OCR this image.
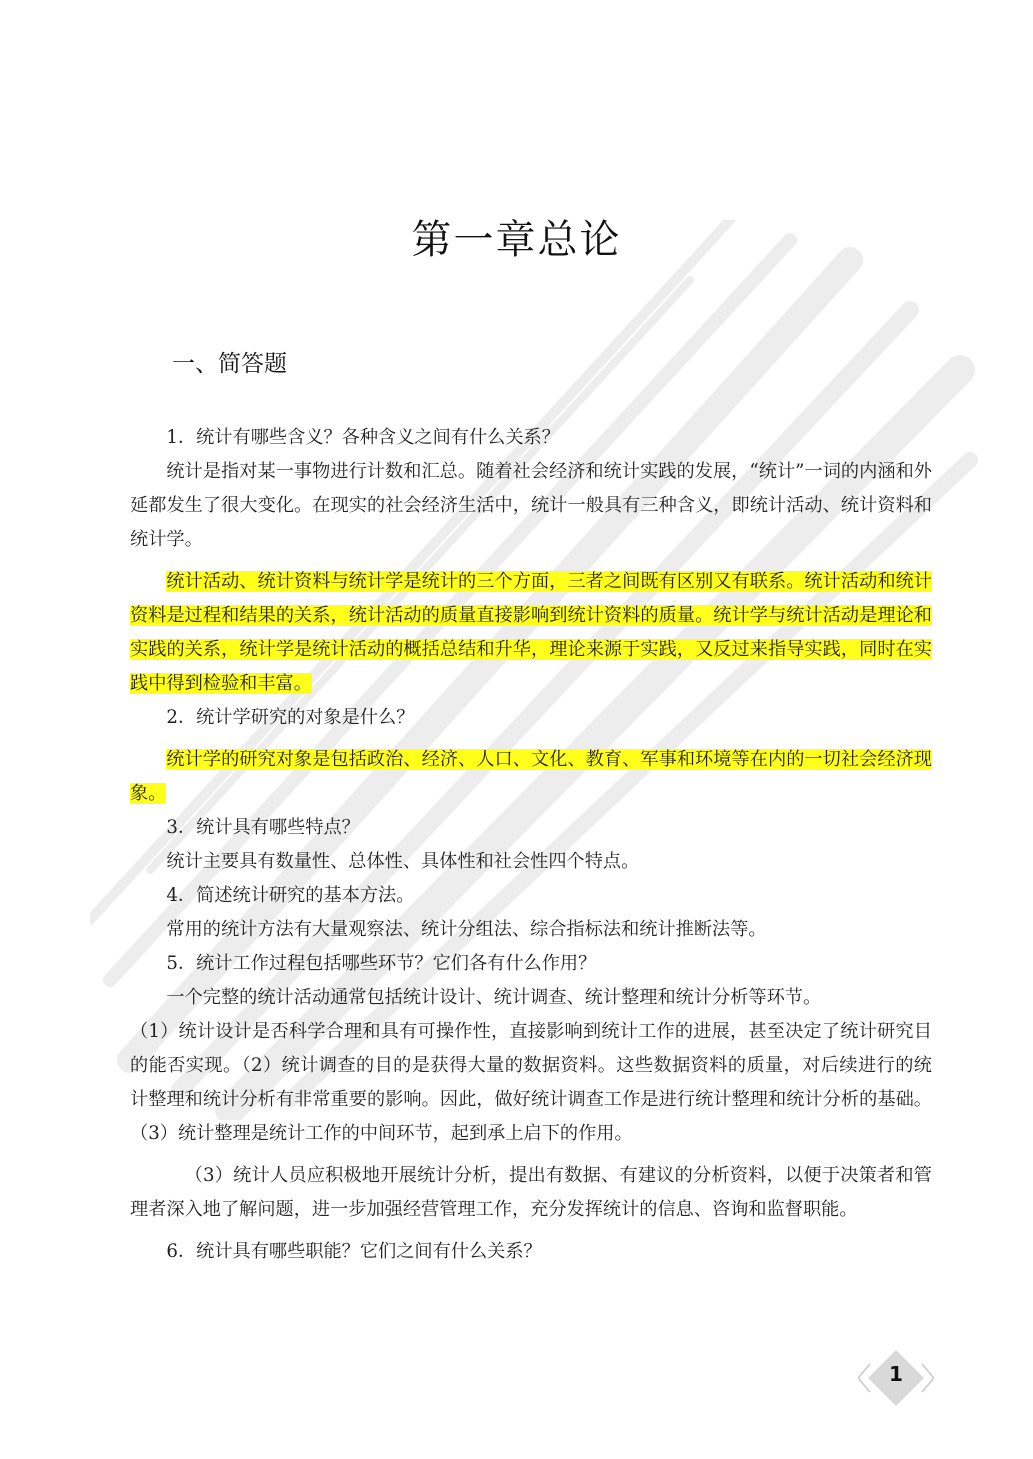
第一章总论
一、简答题

1．统计有哪些含义？各种含义之间有什么关系？

统计是指对某一事物进行计数和汇总。随着社会经济和统计实践的发展，“统计”一词的内涵和外延都发生了很大变化。在现实的社会经济生活中，统计一般具有三种含义，即统计活动、统计资料和统计学。

统计活动、统计资料与统计学是统计的三个方面，三者之间既有区别又有联系。统计活动和统计资料是过程和结果的关系，统计活动的质量直接影响到统计资料的质量。统计学与统计活动是理论和实践的关系，统计学是统计活动的概括总结和升华，理论来源于实践，又反过来指导实践，同时在实践中得到检验和丰富。

2．统计学研究的对象是什么？

统计学的研究对象是包括政治、经济、人口、文化、教育、军事和环境等在内的一切社会经济现象。

3．统计具有哪些特点？

统计主要具有数量性、总体性、具体性和社会性四个特点。

4．简述统计研究的基本方法。

常用的统计方法有大量观察法、统计分组法、综合指标法和统计推断法等。

5．统计工作过程包括哪些环节？它们各有什么作用？

一个完整的统计活动通常包括统计设计、统计调查、统计整理和统计分析等环节。

（1）统计设计是否科学合理和具有可操作性，直接影响到统计工作的进展，甚至决定了统计研究目的能否实现。（2）统计调查的目的是获得大量的数据资料。这些数据资料的质量，对后续进行的统计整理和统计分析有非常重要的影响。因此，做好统计调查工作是进行统计整理和统计分析的基础。（3）统计整理是统计工作的中间环节，起到承上启下的作用。

（3）统计人员应积极地开展统计分析，提出有数据、有建议的分析资料，以便于决策者和管理者深入地了解问题，进一步加强经营管理工作，充分发挥统计的信息、咨询和监督职能。

6．统计具有哪些职能？它们之间有什么关系？

1
